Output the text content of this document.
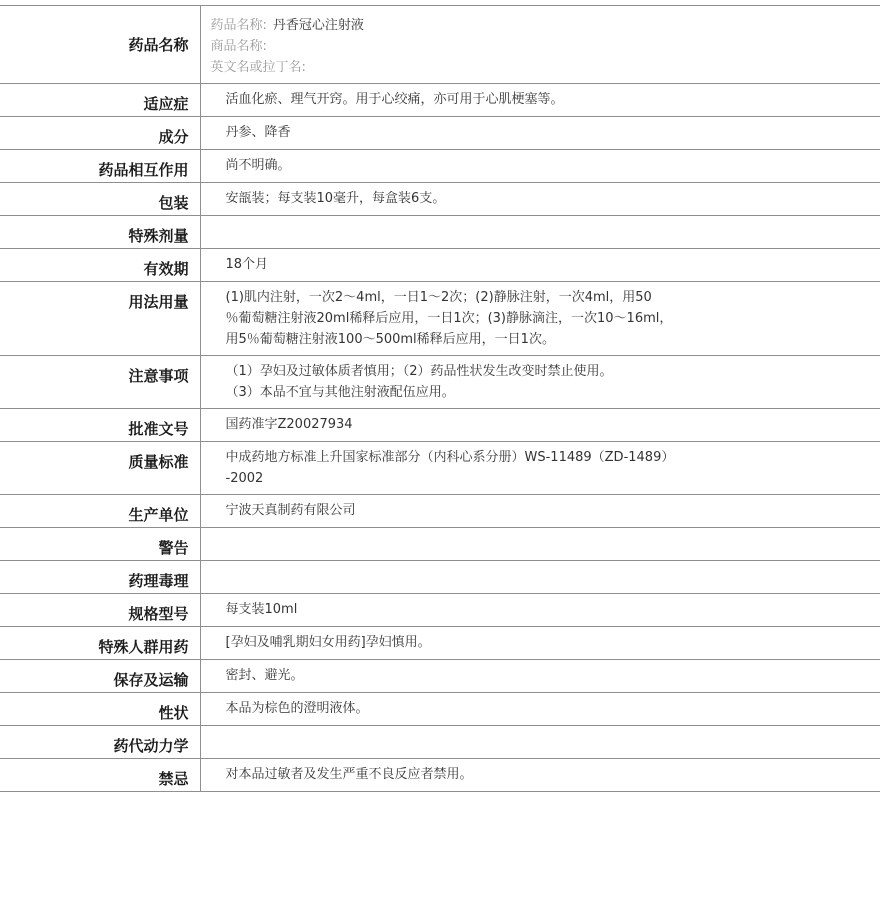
药品名称	药品名称: 丹香冠心注射液
商品名称:
英文名或拉丁名:

适应症	活血化瘀、理气开窍。用于心绞痛，亦可用于心肌梗塞等。

成分	丹参、降香

药品相互作用	尚不明确。

包装	安瓿装；每支装10毫升，每盒装6支。

特殊剂量	

有效期	18个月

用法用量	(1)肌内注射，一次2～4ml，一日1～2次；(2)静脉注射，一次4ml，用50
％葡萄糖注射液20ml稀释后应用，一日1次；(3)静脉滴注，一次10～16ml，
用5％葡萄糖注射液100～500ml稀释后应用，一日1次。

注意事项	（1）孕妇及过敏体质者慎用；（2）药品性状发生改变时禁止使用。
（3）本品不宜与其他注射液配伍应用。

批准文号	国药准字Z20027934

质量标准	中成药地方标准上升国家标准部分（内科心系分册）WS-11489（ZD-1489）
-2002

生产单位	宁波天真制药有限公司

警告	

药理毒理	

规格型号	每支装10ml

特殊人群用药	[孕妇及哺乳期妇女用药]孕妇慎用。

保存及运输	密封、避光。

性状	本品为棕色的澄明液体。

药代动力学	

禁忌	对本品过敏者及发生严重不良反应者禁用。
